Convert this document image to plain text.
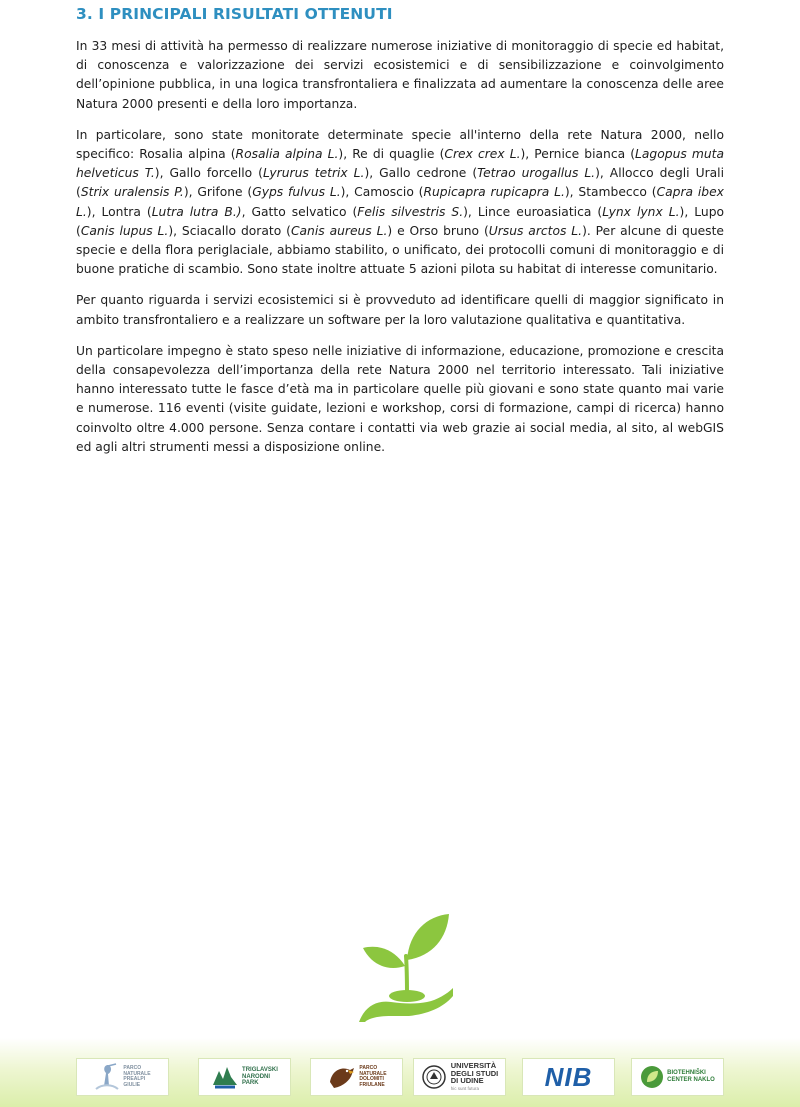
3. I PRINCIPALI RISULTATI OTTENUTI

In 33 mesi di attività ha permesso di realizzare numerose iniziative di monitoraggio di specie ed habitat, di conoscenza e valorizzazione dei servizi ecosistemici e di sensibilizzazione e coinvolgimento dell’opinione pubblica, in una logica transfrontaliera e finalizzata ad aumentare la conoscenza delle aree Natura 2000 presenti e della loro importanza.

In particolare, sono state monitorate determinate specie all'interno della rete Natura 2000, nello specifico: Rosalia alpina (Rosalia alpina L.), Re di quaglie (Crex crex L.), Pernice bianca (Lagopus muta helveticus T.), Gallo forcello (Lyrurus tetrix L.), Gallo cedrone (Tetrao urogallus L.), Allocco degli Urali (Strix uralensis P.), Grifone (Gyps fulvus L.), Camoscio (Rupicapra rupicapra L.), Stambecco (Capra ibex L.), Lontra (Lutra lutra B.), Gatto selvatico (Felis silvestris S.), Lince euroasiatica (Lynx lynx L.), Lupo (Canis lupus L.), Sciacallo dorato (Canis aureus L.) e Orso bruno (Ursus arctos L.). Per alcune di queste specie e della flora periglaciale, abbiamo stabilito, o unificato, dei protocolli comuni di monitoraggio e di buone pratiche di scambio. Sono state inoltre attuate 5 azioni pilota su habitat di interesse comunitario.

Per quanto riguarda i servizi ecosistemici si è provveduto ad identificare quelli di maggior significato in ambito transfrontaliero e a realizzare un software per la loro valutazione qualitativa e quantitativa.

Un particolare impegno è stato speso nelle iniziative di informazione, educazione, promozione e crescita della consapevolezza dell’importanza della rete Natura 2000 nel territorio interessato. Tali iniziative hanno interessato tutte le fasce d’età ma in particolare quelle più giovani e sono state quanto mai varie e numerose. 116 eventi (visite guidate, lezioni e workshop, corsi di formazione, campi di ricerca) hanno coinvolto oltre 4.000 persone. Senza contare i contatti via web grazie ai social media, al sito, al webGIS ed agli altri strumenti messi a disposizione online.

PARCO
NATURALE
PREALPI
GIULIE
TRIGLAVSKI
NARODNI
PARK
PARCO
NATURALE
DOLOMITI
FRIULANE
UNIVERSITÀ
DEGLI STUDI
DI UDINE
hic sunt futura	NIB	BIOTEHNIŠKI
CENTER NAKLO
